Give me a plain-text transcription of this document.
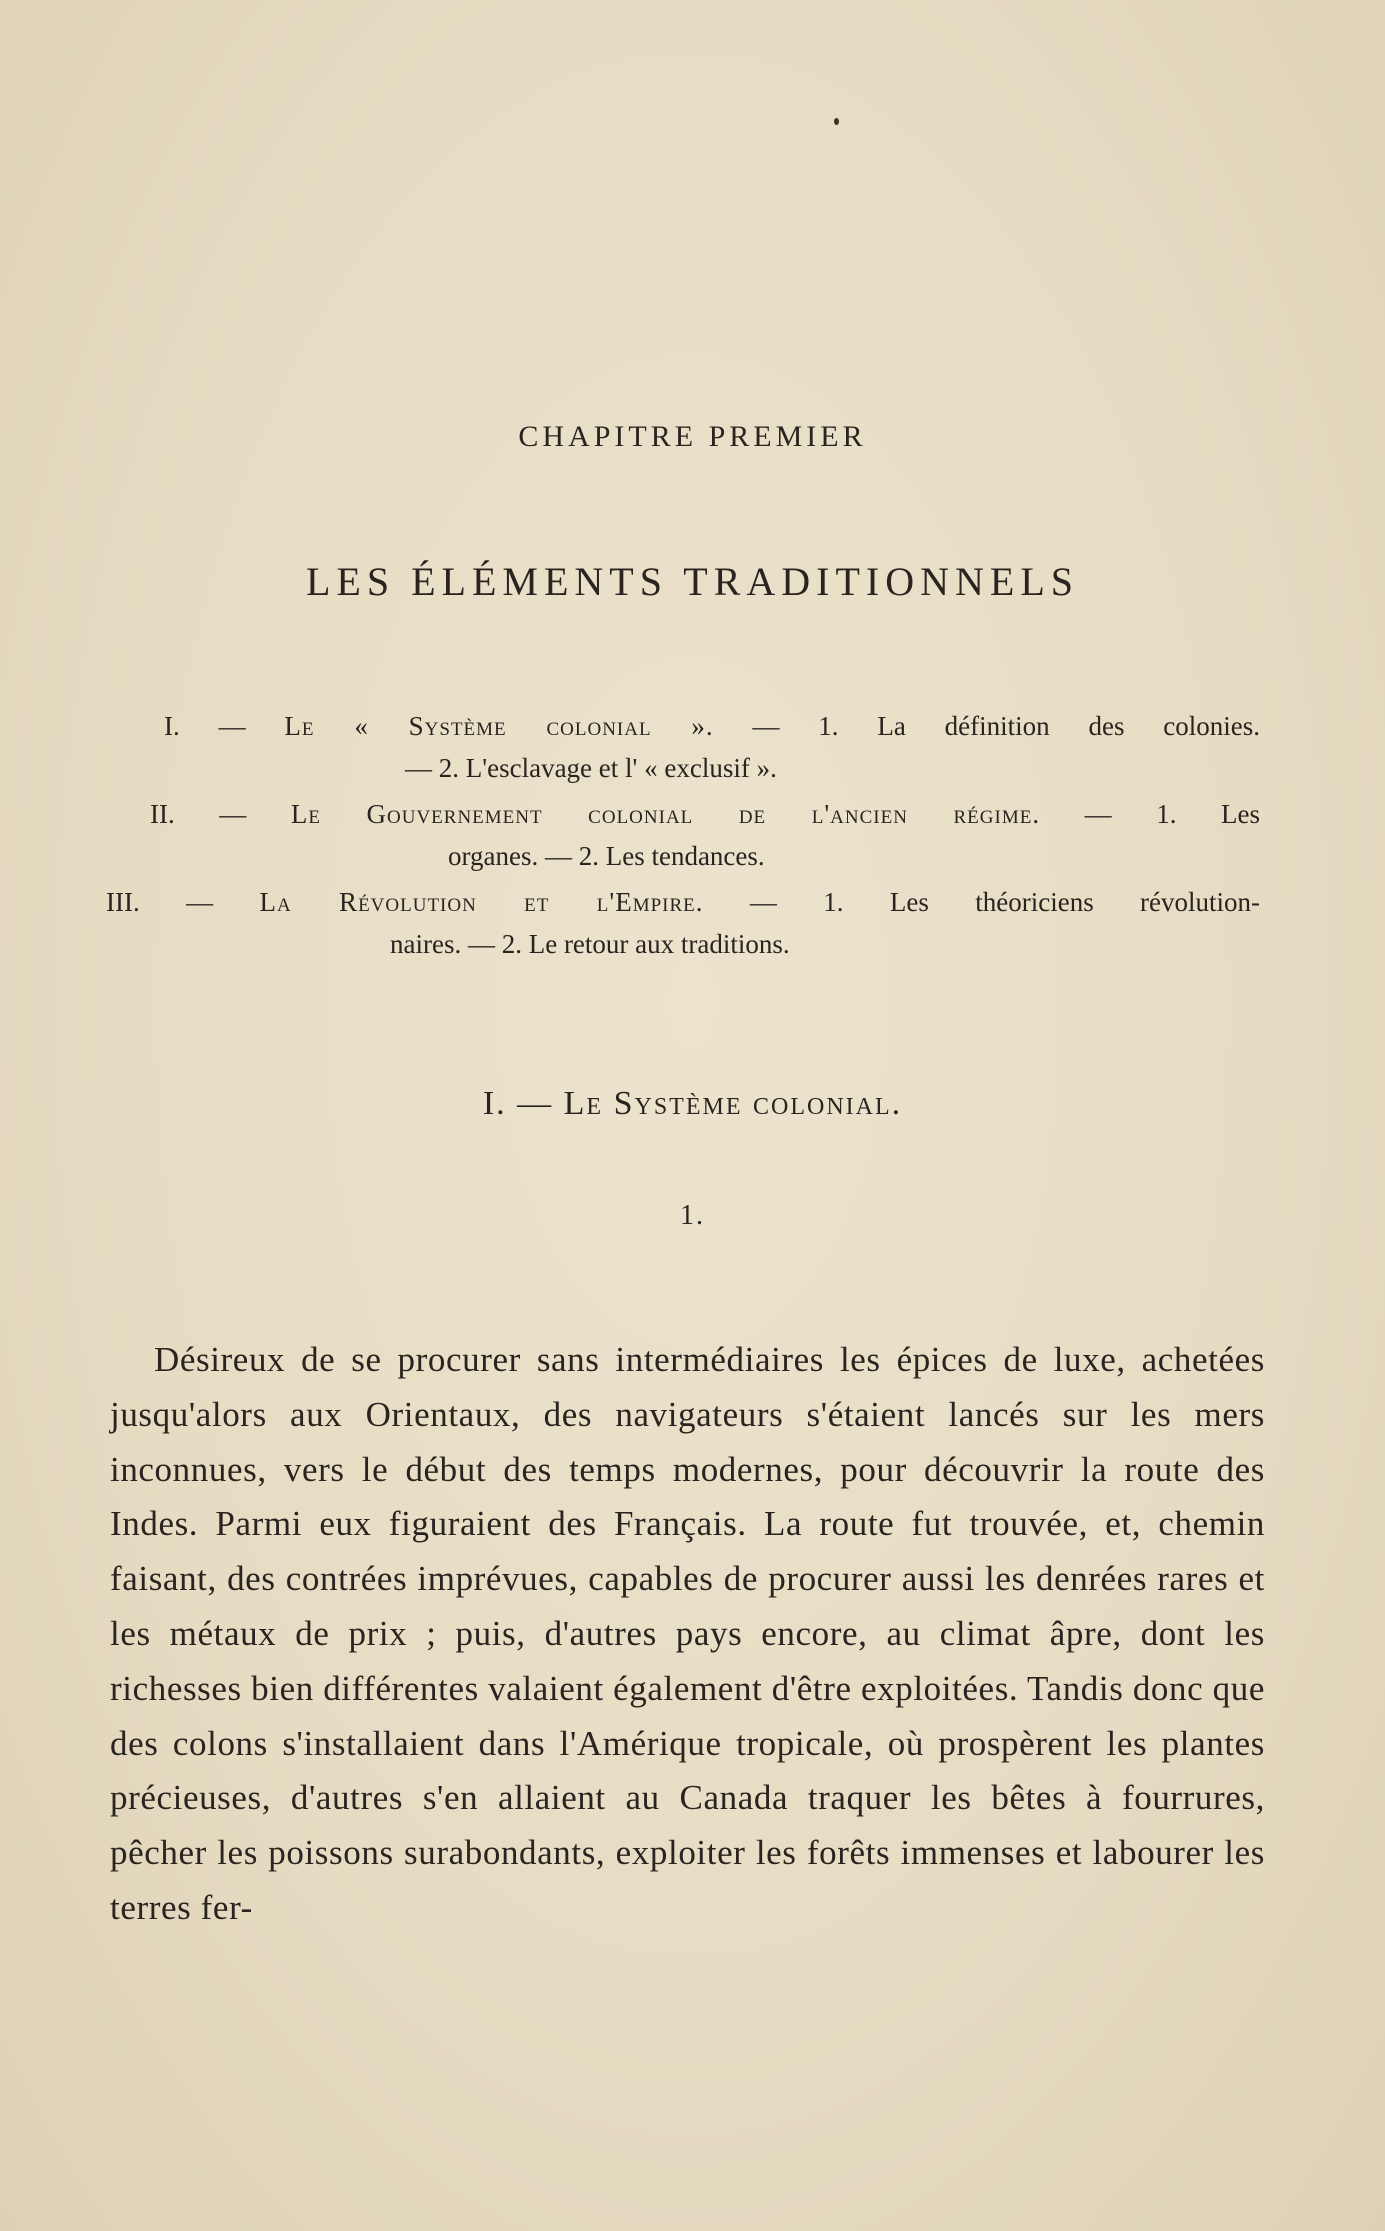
CHAPITRE PREMIER
LES ÉLÉMENTS TRADITIONNELS
I. — Le « Système colonial ». — 1. La définition des colonies.
— 2. L'esclavage et l' « exclusif ».
II. — Le Gouvernement colonial de l'ancien régime. — 1. Les
organes. — 2. Les tendances.
III. — La Révolution et l'Empire. — 1. Les théoriciens révolution-
naires. — 2. Le retour aux traditions.
I. — Le Système colonial.
1.

Désireux de se procurer sans intermédiaires les épices de luxe, achetées jusqu'alors aux Orientaux, des navigateurs s'étaient lancés sur les mers inconnues, vers le début des temps modernes, pour découvrir la route des Indes. Parmi eux figuraient des Français. La route fut trouvée, et, chemin faisant, des contrées imprévues, capables de procurer aussi les denrées rares et les métaux de prix ; puis, d'autres pays encore, au climat âpre, dont les richesses bien différentes valaient également d'être exploitées. Tandis donc que des colons s'installaient dans l'Amérique tropicale, où prospèrent les plantes précieuses, d'autres s'en allaient au Canada traquer les bêtes à fourrures, pêcher les poissons surabondants, exploiter les forêts immenses et labourer les terres fer-
